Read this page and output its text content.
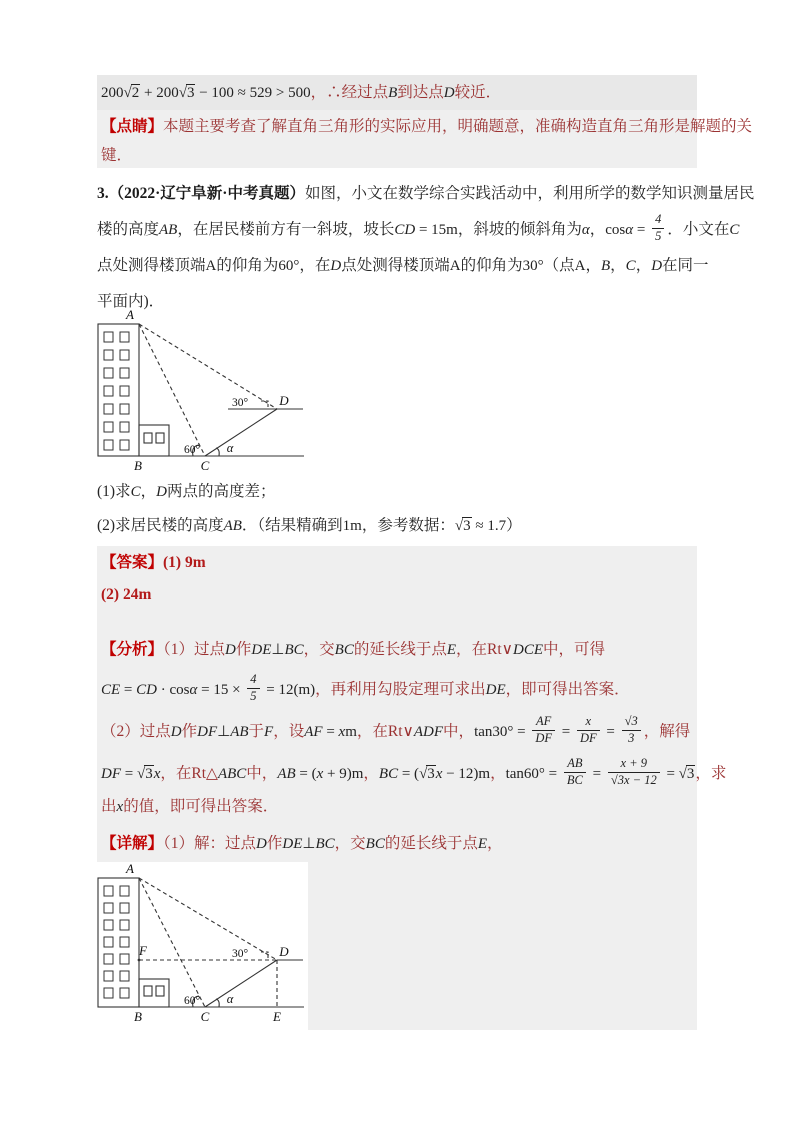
200√2 + 200√3 − 100 ≈ 529 > 500，∴经过点B到达点D较近．
【点睛】本题主要考查了解直角三角形的实际应用，明确题意，准确构造直角三角形是解题的关
键．
3.（2022·辽宁阜新·中考真题）如图，小文在数学综合实践活动中，利用所学的数学知识测量居民
楼的高度AB，在居民楼前方有一斜坡，坡长CD = 15m，斜坡的倾斜角为α，$\cos\alpha = \frac{4}{5}$ ．小文在C
点处测得楼顶端A的仰角为60°，在D点处测得楼顶端A的仰角为30°（点A，B，C，D在同一
平面内)．
A
B	C
D
30°
60° α
(1)求C，D两点的高度差；
(2)求居民楼的高度AB．（结果精确到1m，参考数据：√3 ≈ 1.7）
【答案】(1) 9m
(2) 24m
【分析】（1）过点D作DE⊥BC，交BC的延长线于点E，在Rt∨DCE中，可得
CE = CD · $\cos\alpha = 15 \times \frac{4}{5} = 12(m)$，再利用勾股定理可求出DE，即可得出答案．
（2）过点D作DF⊥AB于F，设AF = xm，在Rt∨ADF中，$\tan 30^\circ = \frac{AF}{DF} = \frac{x}{DF} = \frac{√3}{3}$ ，解得
DF = √3x，在Rt△ABC中，AB = (x + 9)m，BC = (√3x − 12)m，$\tan 60^\circ = \frac{AB}{BC} = \frac{x + 9}{√3x - 12} = √3$，求
出x的值，即可得出答案．
【详解】（1）解：过点D作DE⊥BC，交BC的延长线于点E，
A
B	C
D
E
F	30°
60° α
